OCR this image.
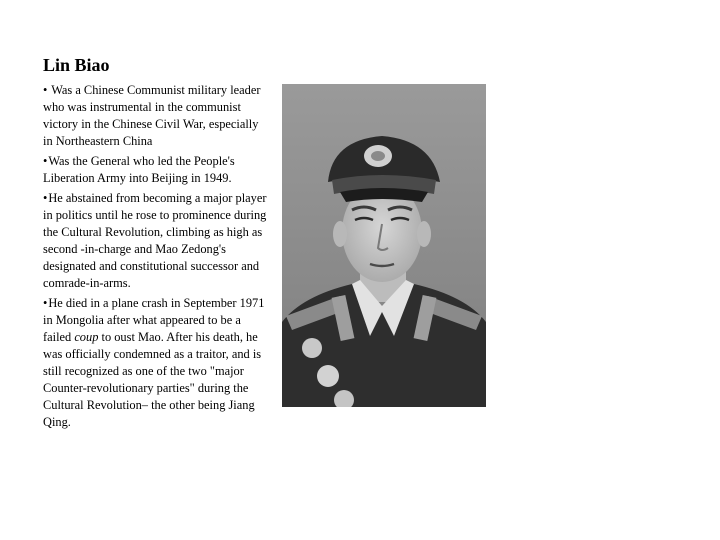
Lin Biao
• Was a Chinese Communist military leader who was instrumental in the communist victory in the Chinese Civil War, especially in Northeastern China
•Was the General who led the People's Liberation Army into Beijing in 1949.
•He abstained from becoming a major player in politics until he rose to prominence during the Cultural Revolution, climbing as high as second -in-charge and Mao Zedong's designated and constitutional successor and comrade-in-arms.
•He died in a plane crash in September 1971 in Mongolia after what appeared to be a failed coup to oust Mao. After his death, he was officially condemned as a traitor, and is still recognized as one of the two "major Counter-revolutionary parties" during the Cultural Revolution– the other being Jiang Qing.
